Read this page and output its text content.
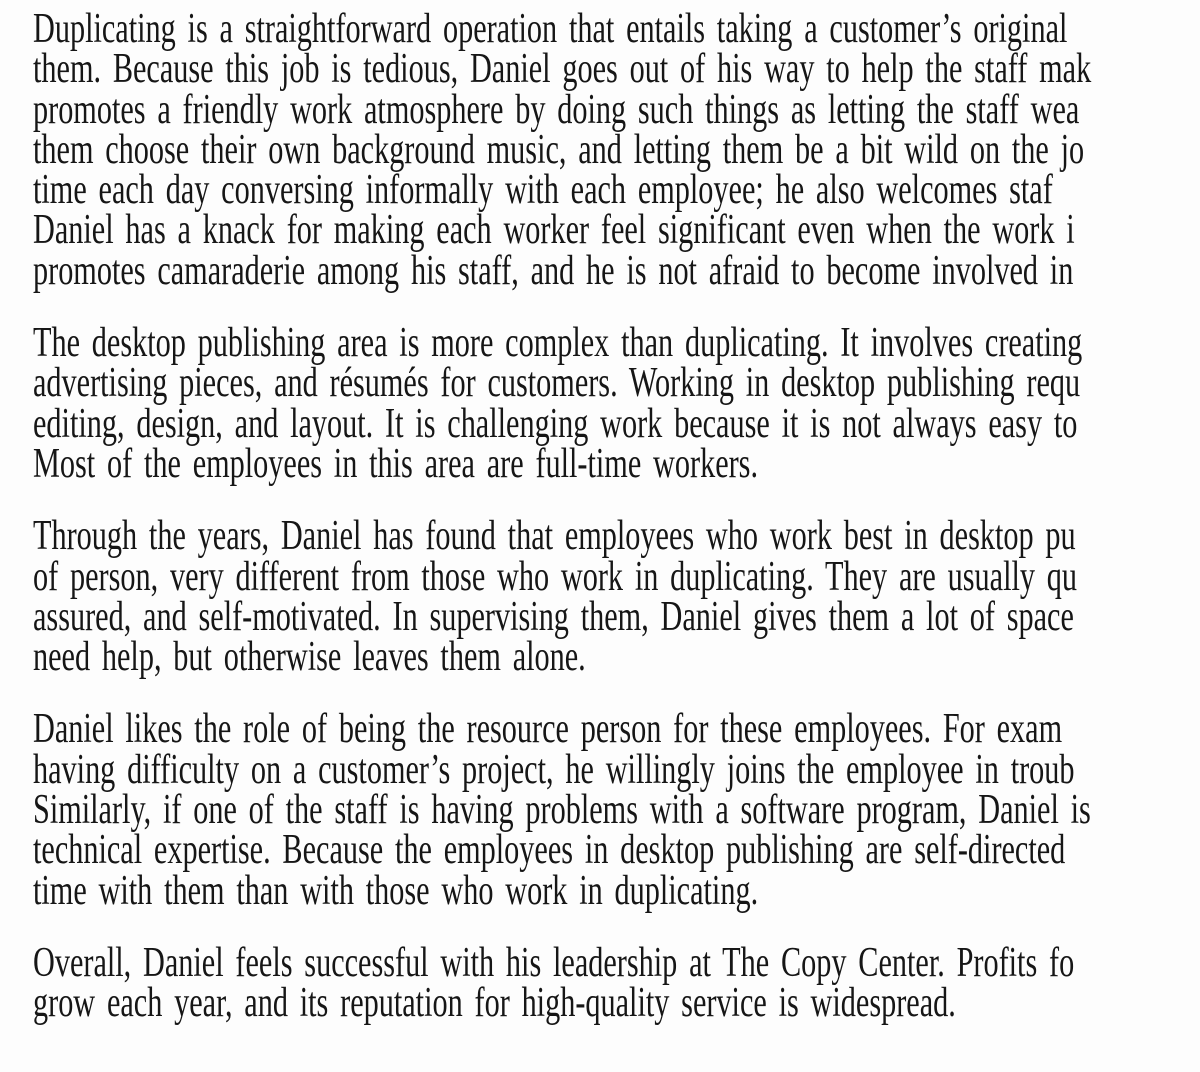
Duplicating is a straightforward operation that entails taking a customer’s original
them. Because this job is tedious, Daniel goes out of his way to help the staff mak
promotes a friendly work atmosphere by doing such things as letting the staff wea
them choose their own background music, and letting them be a bit wild on the jo
time each day conversing informally with each employee; he also welcomes staf
Daniel has a knack for making each worker feel significant even when the work i
promotes camaraderie among his staff, and he is not afraid to become involved in
The desktop publishing area is more complex than duplicating. It involves creating
advertising pieces, and résumés for customers. Working in desktop publishing requ
editing, design, and layout. It is challenging work because it is not always easy to
Most of the employees in this area are full-time workers.
Through the years, Daniel has found that employees who work best in desktop pu
of person, very different from those who work in duplicating. They are usually qu
assured, and self-motivated. In supervising them, Daniel gives them a lot of space
need help, but otherwise leaves them alone.
Daniel likes the role of being the resource person for these employees. For exam
having difficulty on a customer’s project, he willingly joins the employee in troub
Similarly, if one of the staff is having problems with a software program, Daniel is
technical expertise. Because the employees in desktop publishing are self-directed
time with them than with those who work in duplicating.
Overall, Daniel feels successful with his leadership at The Copy Center. Profits fo
grow each year, and its reputation for high-quality service is widespread.
